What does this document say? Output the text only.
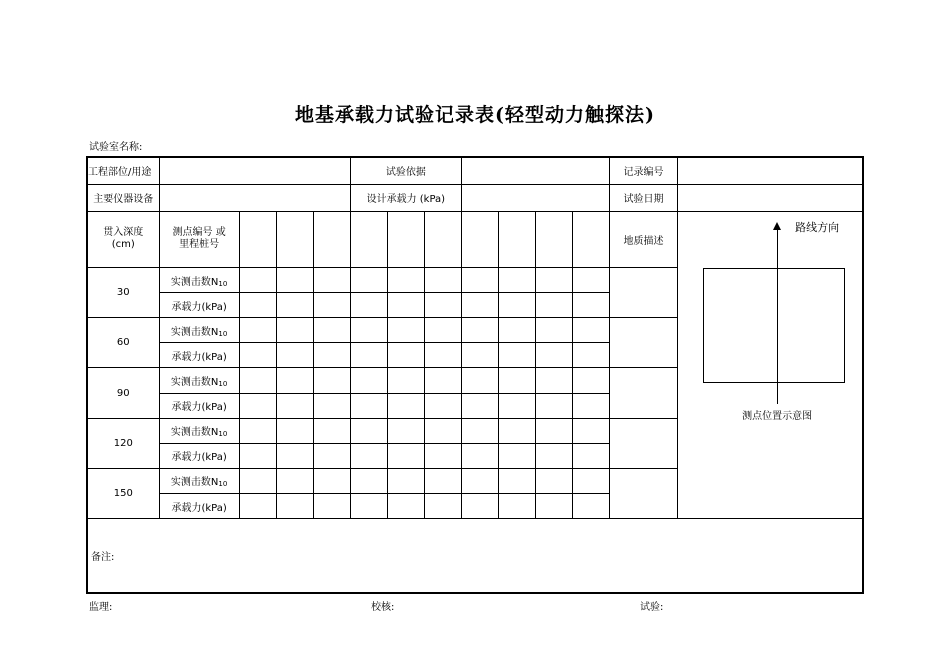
地基承载力试验记录表(轻型动力触探法)
试验室名称:
工程部位/用途					试验依据							记录编号	
主要仪器设备					设计承载力 (kPa)							试验日期	
贯入深度 (cm)	测点编号 或里程桩号											地质描述	路线方向
测点位置示意图

30	实测击数$N_{10}$											
	承载力(kPa)												
60	实测击数$N_{10}$											
	承载力(kPa)												
90	实测击数$N_{10}$											
	承载力(kPa)												
120	实测击数$N_{10}$											
	承载力(kPa)												
150	实测击数$N_{10}$											
	承载力(kPa)												
备注:													
监理:	校核:	试验:
